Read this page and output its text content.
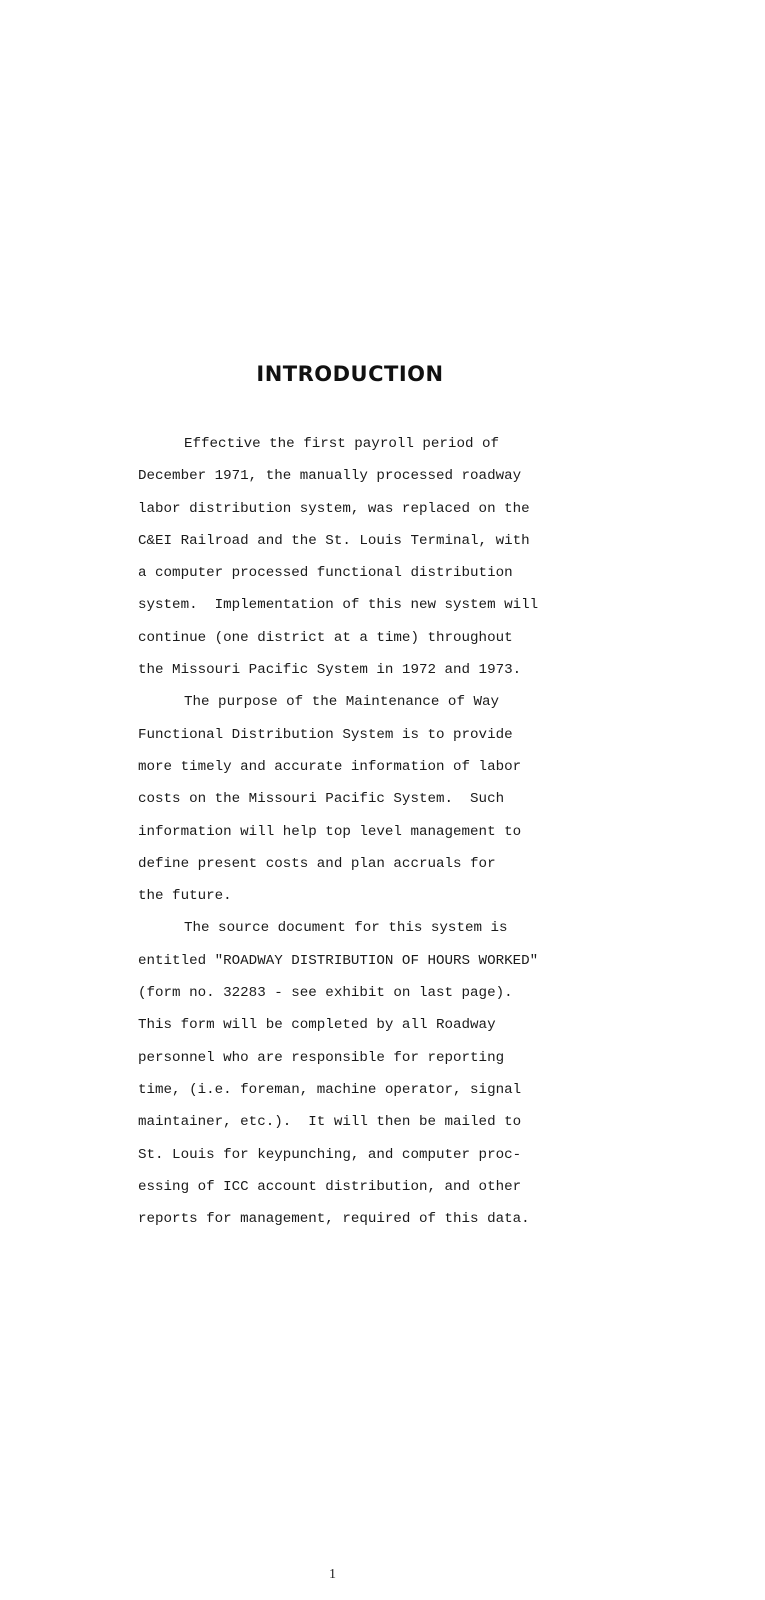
INTRODUCTION
Effective the first payroll period of
December 1971, the manually processed roadway
labor distribution system, was replaced on the
C&EI Railroad and the St. Louis Terminal, with
a computer processed functional distribution
system.  Implementation of this new system will
continue (one district at a time) throughout
the Missouri Pacific System in 1972 and 1973.
The purpose of the Maintenance of Way
Functional Distribution System is to provide
more timely and accurate information of labor
costs on the Missouri Pacific System.  Such
information will help top level management to
define present costs and plan accruals for
the future.
The source document for this system is
entitled "ROADWAY DISTRIBUTION OF HOURS WORKED"
(form no. 32283 - see exhibit on last page).
This form will be completed by all Roadway
personnel who are responsible for reporting
time, (i.e. foreman, machine operator, signal
maintainer, etc.).  It will then be mailed to
St. Louis for keypunching, and computer proc-
essing of ICC account distribution, and other
reports for management, required of this data.
1
